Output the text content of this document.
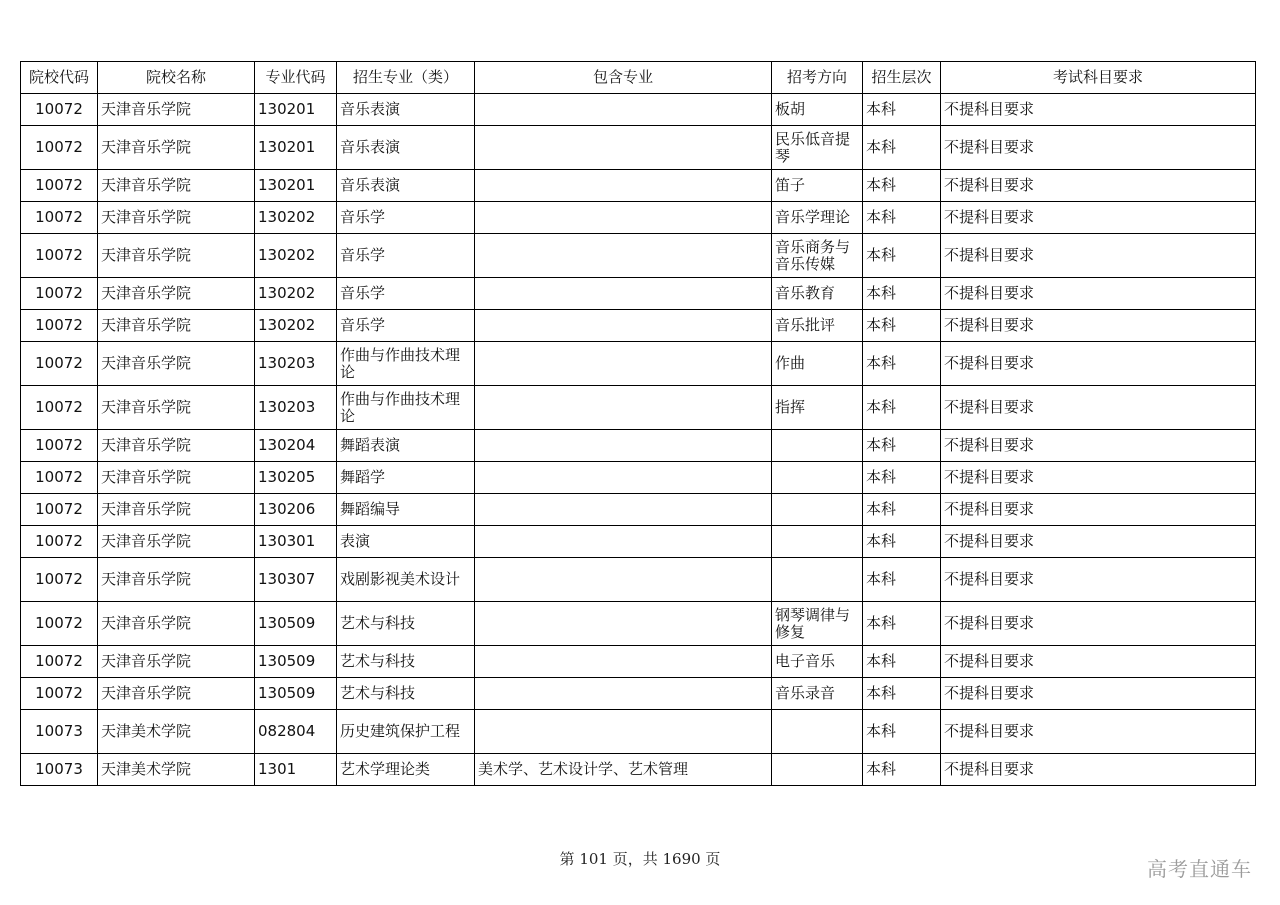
院校代码	院校名称	专业代码	招生专业（类）	包含专业	招考方向	招生层次	考试科目要求
10072	天津音乐学院	130201	音乐表演		板胡	本科	不提科目要求
10072	天津音乐学院	130201	音乐表演		民乐低音提琴	本科	不提科目要求
10072	天津音乐学院	130201	音乐表演		笛子	本科	不提科目要求
10072	天津音乐学院	130202	音乐学		音乐学理论	本科	不提科目要求
10072	天津音乐学院	130202	音乐学		音乐商务与音乐传媒	本科	不提科目要求
10072	天津音乐学院	130202	音乐学		音乐教育	本科	不提科目要求
10072	天津音乐学院	130202	音乐学		音乐批评	本科	不提科目要求
10072	天津音乐学院	130203	作曲与作曲技术理论		作曲	本科	不提科目要求
10072	天津音乐学院	130203	作曲与作曲技术理论		指挥	本科	不提科目要求
10072	天津音乐学院	130204	舞蹈表演			本科	不提科目要求
10072	天津音乐学院	130205	舞蹈学			本科	不提科目要求
10072	天津音乐学院	130206	舞蹈编导			本科	不提科目要求
10072	天津音乐学院	130301	表演			本科	不提科目要求
10072	天津音乐学院	130307	戏剧影视美术设计			本科	不提科目要求
10072	天津音乐学院	130509	艺术与科技		钢琴调律与修复	本科	不提科目要求
10072	天津音乐学院	130509	艺术与科技		电子音乐	本科	不提科目要求
10072	天津音乐学院	130509	艺术与科技		音乐录音	本科	不提科目要求
10073	天津美术学院	082804	历史建筑保护工程			本科	不提科目要求
10073	天津美术学院	1301	艺术学理论类	美术学、艺术设计学、艺术管理		本科	不提科目要求
第 101 页，共 1690 页	高考直通车
